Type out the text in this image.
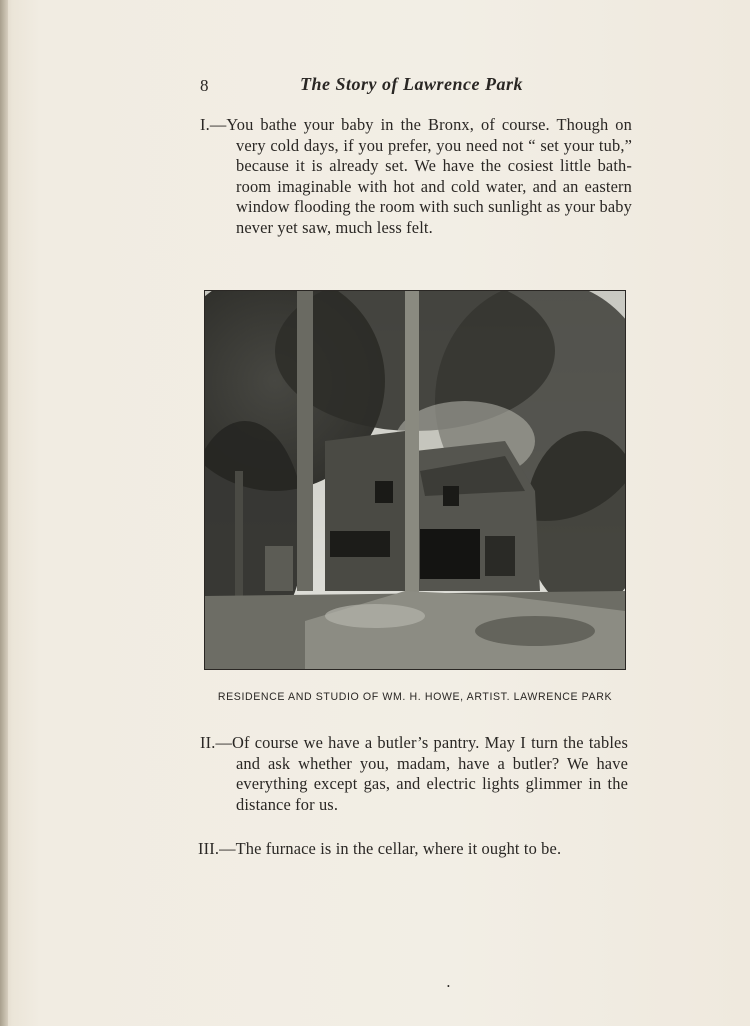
8	The Story of Lawrence Park
I.—You bathe your baby in the Bronx, of course. Though on very cold days, if you prefer, you need not “ set your tub,” because it is already set. We have the cosiest little bath-room imaginable with hot and cold water, and an eastern window flooding the room with such sunlight as your baby never yet saw, much less felt.
RESIDENCE AND STUDIO OF WM. H. HOWE, ARTIST. LAWRENCE PARK
II.—Of course we have a butler’s pantry. May I turn the tables and ask whether you, madam, have a butler? We have everything except gas, and electric lights glimmer in the distance for us.
III.—The furnace is in the cellar, where it ought to be.
•
